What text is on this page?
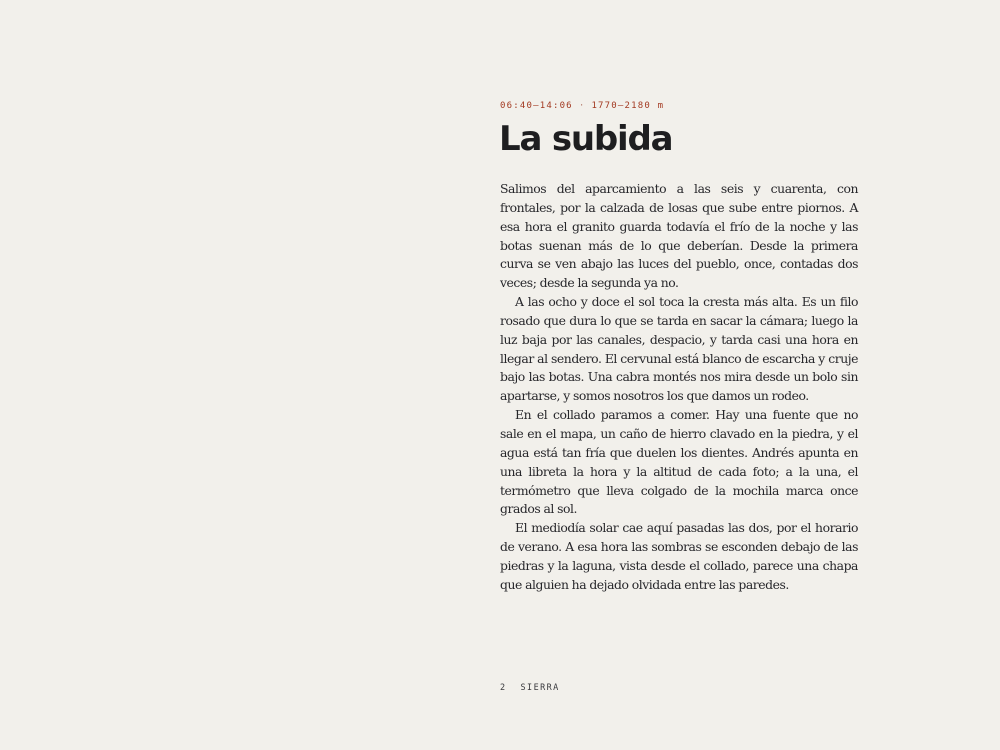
06:40–14:06 · 1770–2180 m
La subida

Salimos del aparcamiento a las seis y cuarenta, con frontales, por la calzada de losas que sube entre piornos. A esa hora el granito guarda todavía el frío de la noche y las botas suenan más de lo que deberían. Desde la primera curva se ven abajo las luces del pueblo, once, contadas dos veces; desde la segunda ya no.

A las ocho y doce el sol toca la cresta más alta. Es un filo rosado que dura lo que se tarda en sacar la cámara; luego la luz baja por las canales, despacio, y tarda casi una hora en llegar al sendero. El cervunal está blanco de escarcha y cruje bajo las botas. Una cabra montés nos mira desde un bolo sin apartarse, y somos nosotros los que damos un rodeo.

En el collado paramos a comer. Hay una fuente que no sale en el mapa, un caño de hierro clavado en la piedra, y el agua está tan fría que duelen los dientes. Andrés apunta en una libreta la hora y la altitud de cada foto; a la una, el termómetro que lleva colgado de la mochila marca once grados al sol.

El mediodía solar cae aquí pasadas las dos, por el horario de verano. A esa hora las sombras se esconden debajo de las piedras y la laguna, vista desde el collado, parece una chapa que alguien ha dejado olvidada entre las paredes.

2 SIERRA
